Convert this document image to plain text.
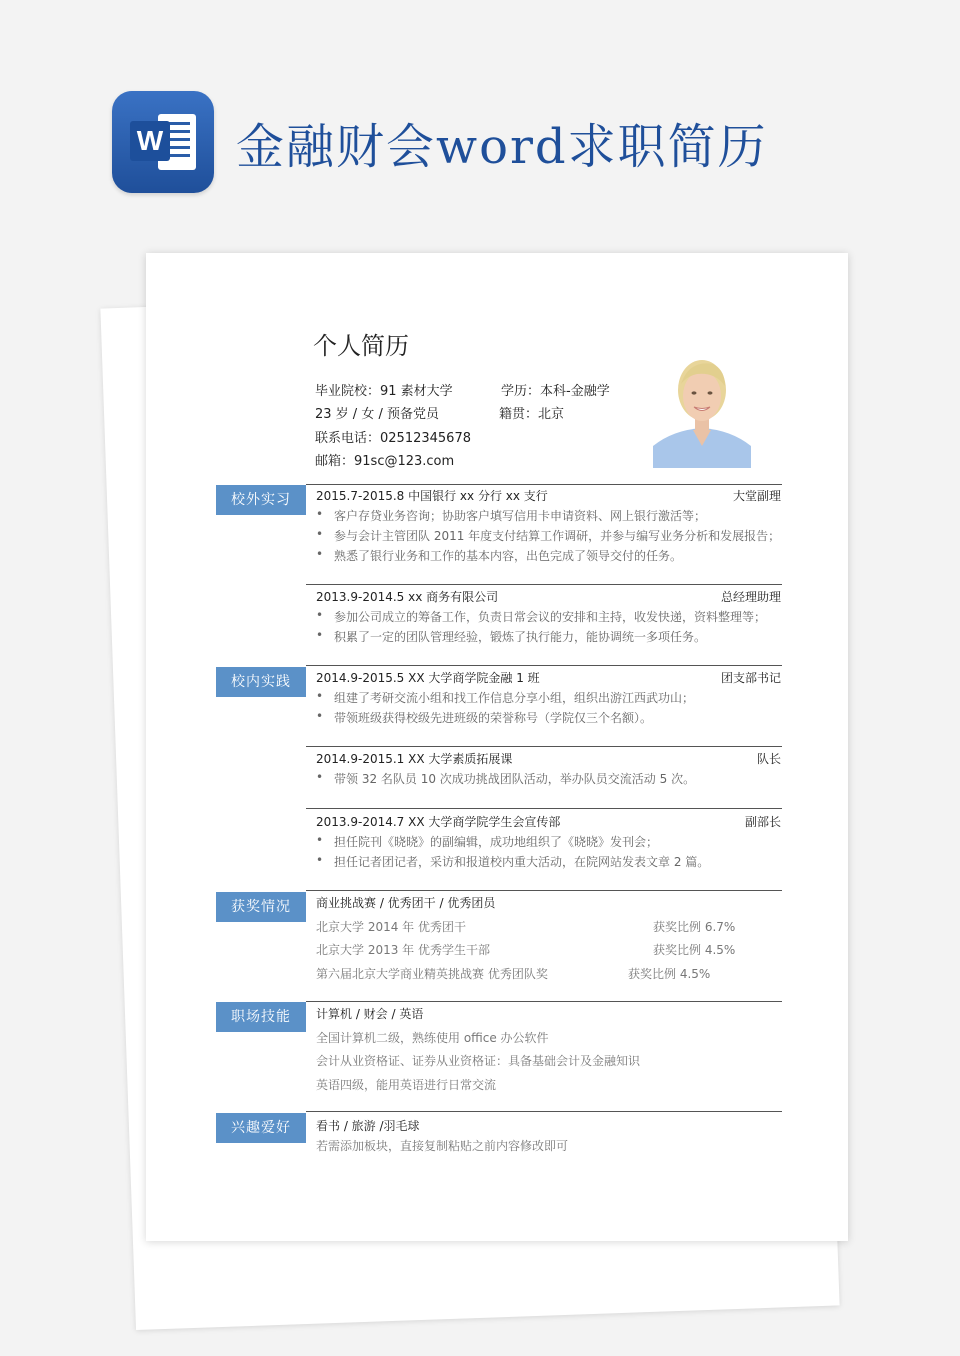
W 金融财会word求职简历
个人简历
毕业院校：91 素材大学	学历：本科-金融学
23 岁 / 女 / 预备党员	籍贯：北京
联系电话：02512345678
邮箱：91sc@123.com
校外实习	2015.7-2015.8 中国银行 xx 分行 xx 支行	大堂副理
• 客户存贷业务咨询；协助客户填写信用卡申请资料、网上银行激活等；
• 参与会计主管团队 2011 年度支付结算工作调研，并参与编写业务分析和发展报告；
• 熟悉了银行业务和工作的基本内容，出色完成了领导交付的任务。
2013.9-2014.5 xx 商务有限公司	总经理助理
• 参加公司成立的筹备工作，负责日常会议的安排和主持，收发快递，资料整理等；
• 积累了一定的团队管理经验，锻炼了执行能力，能协调统一多项任务。
校内实践	2014.9-2015.5 XX 大学商学院金融 1 班	团支部书记
• 组建了考研交流小组和找工作信息分享小组，组织出游江西武功山；
• 带领班级获得校级先进班级的荣誉称号（学院仅三个名额）。
2014.9-2015.1 XX 大学素质拓展课	队长
• 带领 32 名队员 10 次成功挑战团队活动，举办队员交流活动 5 次。
2013.9-2014.7 XX 大学商学院学生会宣传部	副部长
• 担任院刊《晓晓》的副编辑，成功地组织了《晓晓》发刊会；
• 担任记者团记者，采访和报道校内重大活动，在院网站发表文章 2 篇。
获奖情况	商业挑战赛 / 优秀团干 / 优秀团员
北京大学 2014 年 优秀团干	获奖比例 6.7%
北京大学 2013 年 优秀学生干部	获奖比例 4.5%
第六届北京大学商业精英挑战赛 优秀团队奖	获奖比例 4.5%
职场技能	计算机 / 财会 / 英语
全国计算机二级，熟练使用 office 办公软件
会计从业资格证、证券从业资格证：具备基础会计及金融知识
英语四级，能用英语进行日常交流
兴趣爱好	看书 / 旅游 /羽毛球
若需添加板块，直接复制粘贴之前内容修改即可
